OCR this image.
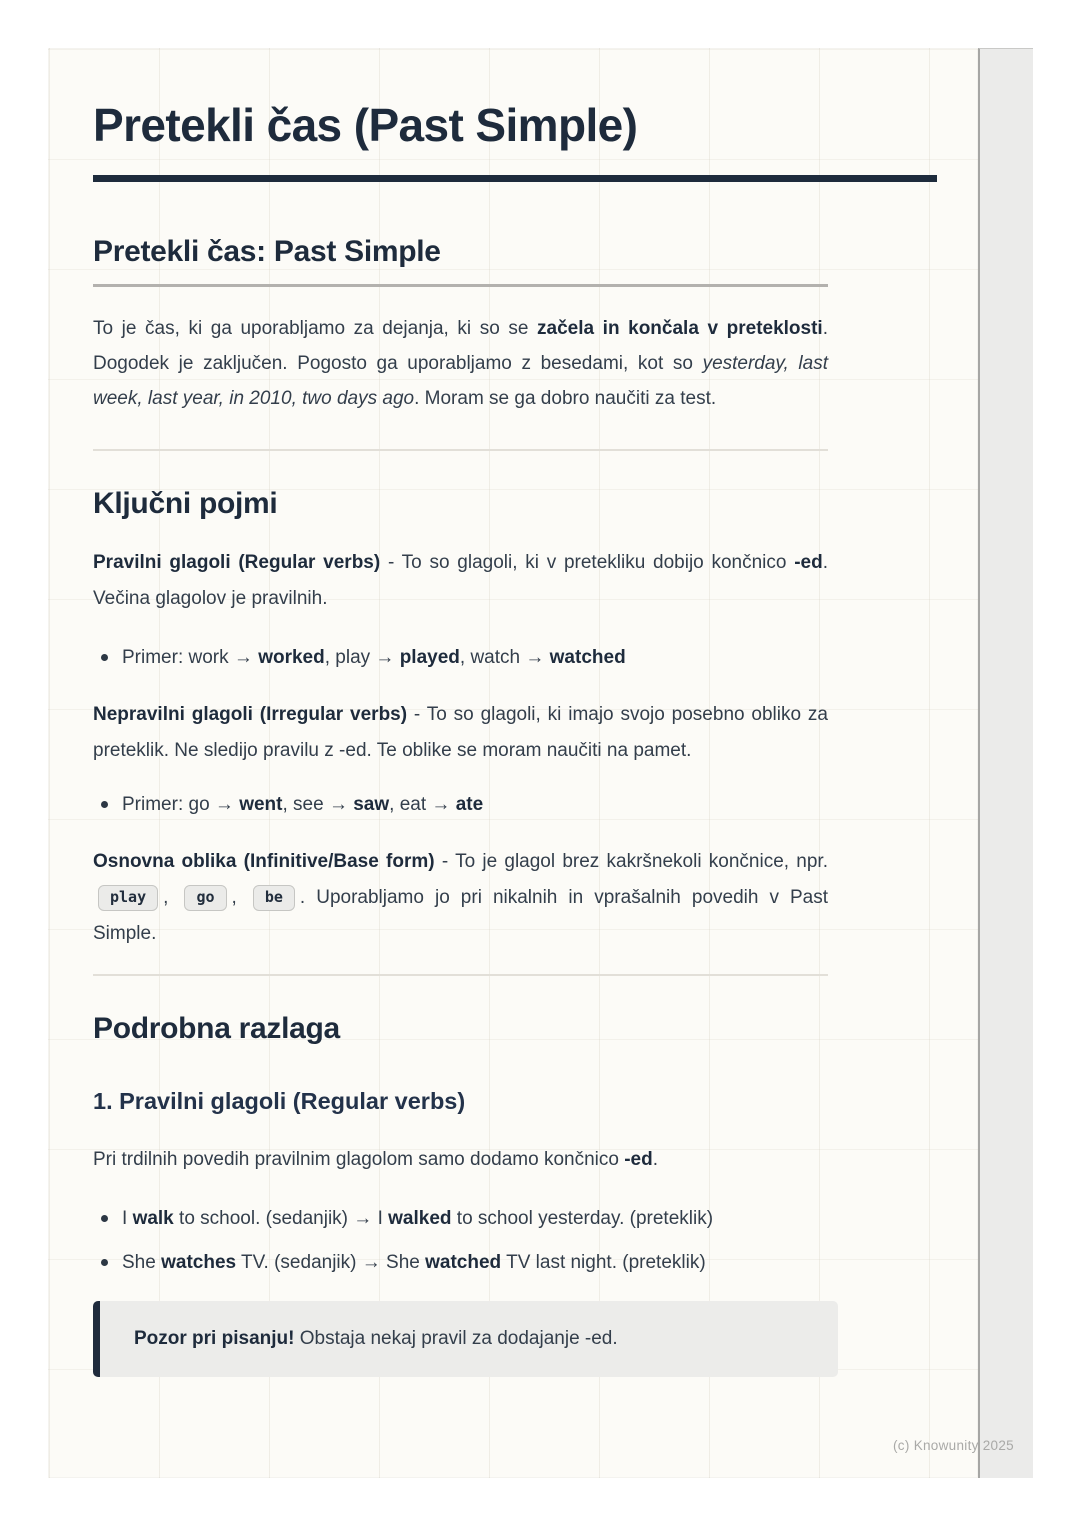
Pretekli čas (Past Simple)
Pretekli čas: Past Simple

To je čas, ki ga uporabljamo za dejanja, ki so se začela in končala v preteklosti. Dogodek je zaključen. Pogosto ga uporabljamo z besedami, kot so yesterday, last week, last year, in 2010, two days ago. Moram se ga dobro naučiti za test.

Ključni pojmi

Pravilni glagoli (Regular verbs) - To so glagoli, ki v pretekliku dobijo končnico -ed. Večina glagolov je pravilnih.

Primer: work → worked, play → played, watch → watched

Nepravilni glagoli (Irregular verbs) - To so glagoli, ki imajo svojo posebno obliko za preteklik. Ne sledijo pravilu z -ed. Te oblike se moram naučiti na pamet.

Primer: go → went, see → saw, eat → ate

Osnovna oblika (Infinitive/Base form) - To je glagol brez kakršnekoli končnice, npr. play , go , be . Uporabljamo jo pri nikalnih in vprašalnih povedih v Past Simple.

Podrobna razlaga
1. Pravilni glagoli (Regular verbs)

Pri trdilnih povedih pravilnim glagolom samo dodamo končnico -ed.

I walk to school. (sedanjik) → I walked to school yesterday. (preteklik)
She watches TV. (sedanjik) → She watched TV last night. (preteklik)
Pozor pri pisanju! Obstaja nekaj pravil za dodajanje -ed.
(c) Knowunity 2025
